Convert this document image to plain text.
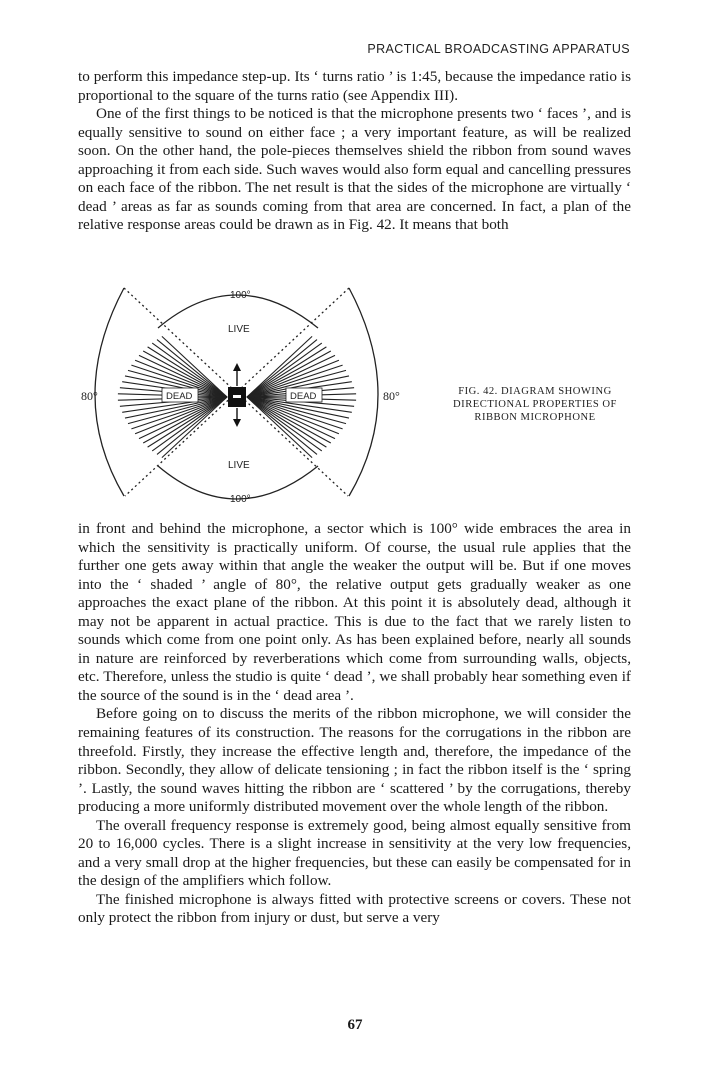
PRACTICAL BROADCASTING APPARATUS

to perform this impedance step-up. Its ‘ turns ratio ’ is 1:45, because the impedance ratio is proportional to the square of the turns ratio (see Appendix III).

One of the first things to be noticed is that the microphone presents two ‘ faces ’, and is equally sensitive to sound on either face ; a very important feature, as will be realized soon. On the other hand, the pole-pieces themselves shield the ribbon from sound waves approaching it from each side. Such waves would also form equal and cancelling pressures on each face of the ribbon. The net result is that the sides of the microphone are virtually ‘ dead ’ areas as far as sounds coming from that area are concerned. In fact, a plan of the relative response areas could be drawn as in Fig. 42. It means that both

100°
100°
LIVE
LIVE
DEAD	DEAD
80°	80°	FIG. 42. DIAGRAM SHOWING DIRECTIONAL PROPERTIES OF RIBBON MICROPHONE

in front and behind the microphone, a sector which is 100° wide embraces the area in which the sensitivity is practically uniform. Of course, the usual rule applies that the further one gets away within that angle the weaker the output will be. But if one moves into the ‘ shaded ’ angle of 80°, the relative output gets gradually weaker as one approaches the exact plane of the ribbon. At this point it is absolutely dead, although it may not be apparent in actual practice. This is due to the fact that we rarely listen to sounds which come from one point only. As has been explained before, nearly all sounds in nature are reinforced by reverberations which come from surrounding walls, objects, etc. Therefore, unless the studio is quite ‘ dead ’, we shall probably hear something even if the source of the sound is in the ‘ dead area ’.

Before going on to discuss the merits of the ribbon microphone, we will consider the remaining features of its construction. The reasons for the corrugations in the ribbon are threefold. Firstly, they increase the effective length and, therefore, the impedance of the ribbon. Secondly, they allow of delicate tensioning ; in fact the ribbon itself is the ‘ spring ’. Lastly, the sound waves hitting the ribbon are ‘ scattered ’ by the corrugations, thereby producing a more uniformly distributed movement over the whole length of the ribbon.

The overall frequency response is extremely good, being almost equally sensitive from 20 to 16,000 cycles. There is a slight increase in sensitivity at the very low frequencies, and a very small drop at the higher frequencies, but these can easily be compensated for in the design of the amplifiers which follow.

The finished microphone is always fitted with protective screens or covers. These not only protect the ribbon from injury or dust, but serve a very

67
